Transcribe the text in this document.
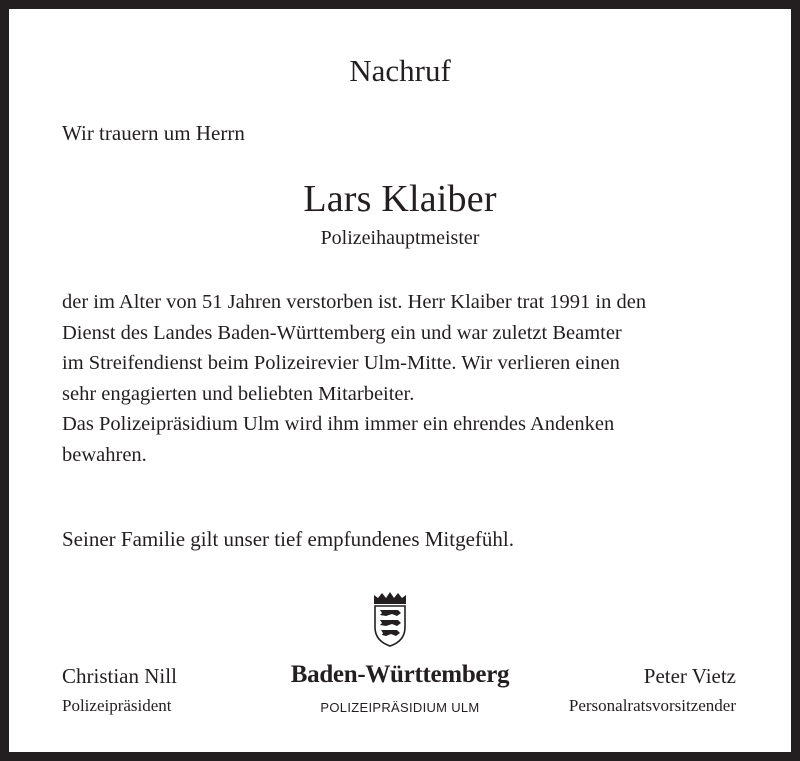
Nachruf
Wir trauern um Herrn
Lars Klaiber
Polizeihauptmeister
der im Alter von 51 Jahren verstorben ist. Herr Klaiber trat 1991 in den
Dienst des Landes Baden-Württemberg ein und war zuletzt Beamter
im Streifendienst beim Polizeirevier Ulm-Mitte. Wir verlieren einen
sehr engagierten und beliebten Mitarbeiter.
Das Polizeipräsidium Ulm wird ihm immer ein ehrendes Andenken
bewahren.
Seiner Familie gilt unser tief empfundenes Mitgefühl.
Christian Nill
Polizeipräsident
Baden-Württemberg
POLIZEIPRÄSIDIUM ULM
Peter Vietz
Personalratsvorsitzender
